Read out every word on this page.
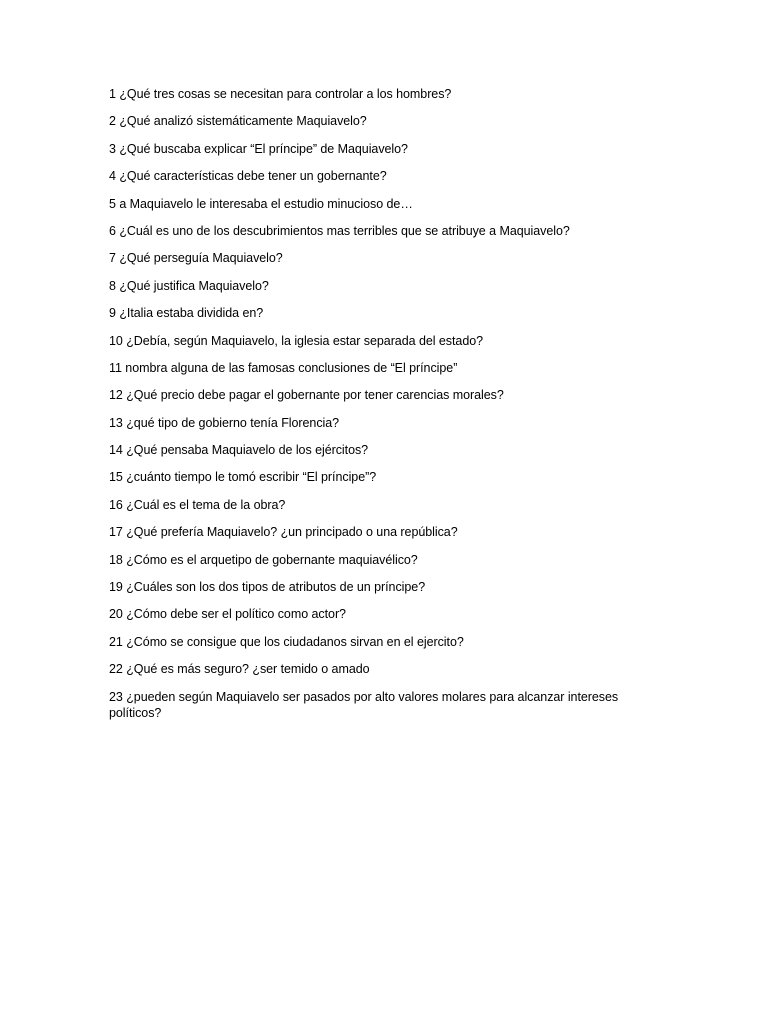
1 ¿Qué tres cosas se necesitan para controlar a los hombres?
2 ¿Qué analizó sistemáticamente Maquiavelo?
3 ¿Qué buscaba explicar “El príncipe” de Maquiavelo?
4 ¿Qué características debe tener un gobernante?
5 a Maquiavelo le interesaba el estudio minucioso de…
6 ¿Cuál es uno de los descubrimientos mas terribles que se atribuye a Maquiavelo?
7 ¿Qué perseguía Maquiavelo?
8 ¿Qué justifica Maquiavelo?
9 ¿Italia estaba dividida en?
10 ¿Debía, según Maquiavelo, la iglesia estar separada del estado?
11 nombra alguna de las famosas conclusiones de “El príncipe”
12 ¿Qué precio debe pagar el gobernante por tener carencias morales?
13 ¿qué tipo de gobierno tenía Florencia?
14 ¿Qué pensaba Maquiavelo de los ejércitos?
15 ¿cuánto tiempo le tomó escribir “El príncipe”?
16 ¿Cuál es el tema de la obra?
17 ¿Qué prefería Maquiavelo? ¿un principado o una república?
18 ¿Cómo es el arquetipo de gobernante maquiavélico?
19 ¿Cuáles son los dos tipos de atributos de un príncipe?
20 ¿Cómo debe ser el político como actor?
21 ¿Cómo se consigue que los ciudadanos sirvan en el ejercito?
22 ¿Qué es más seguro? ¿ser temido o amado
23 ¿pueden según Maquiavelo ser pasados por alto valores molares para alcanzar intereses políticos?
